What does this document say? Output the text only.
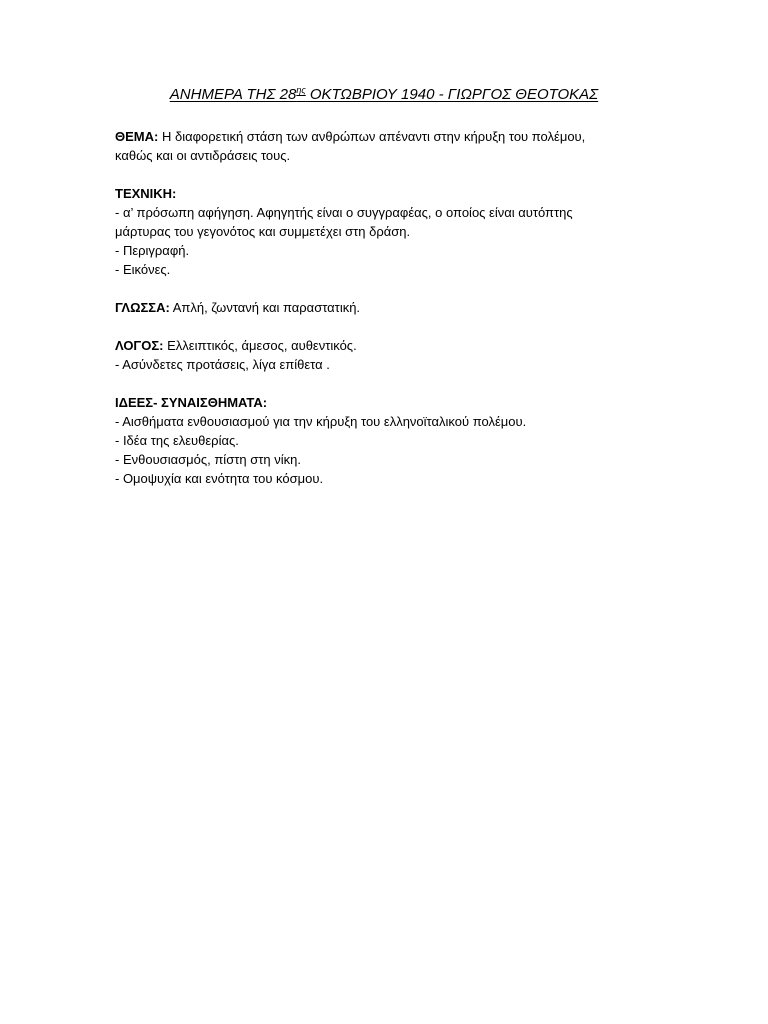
ΑΝΗΜΕΡΑ ΤΗΣ $28^{\eta\varsigma}$ ΟΚΤΩΒΡΙΟΥ 1940 - ΓΙΩΡΓΟΣ ΘΕΟΤΟΚΑΣ
ΘΕΜΑ: Η διαφορετική στάση των ανθρώπων απέναντι στην κήρυξη του πολέμου,
καθώς και οι αντιδράσεις τους.
ΤΕΧΝΙΚΗ:
- α’ πρόσωπη αφήγηση. Αφηγητής είναι ο συγγραφέας, ο οποίος είναι αυτόπτης
μάρτυρας του γεγονότος και συμμετέχει στη δράση.
- Περιγραφή.
- Εικόνες.
ΓΛΩΣΣΑ: Απλή, ζωντανή και παραστατική.
ΛΟΓΟΣ: Ελλειπτικός, άμεσος, αυθεντικός.
- Ασύνδετες προτάσεις, λίγα επίθετα .
ΙΔΕΕΣ- ΣΥΝΑΙΣΘΗΜΑΤΑ:
- Αισθήματα ενθουσιασμού για την κήρυξη του ελληνοϊταλικού πολέμου.
- Ιδέα της ελευθερίας.
- Ενθουσιασμός, πίστη στη νίκη.
- Ομοψυχία και ενότητα του κόσμου.
